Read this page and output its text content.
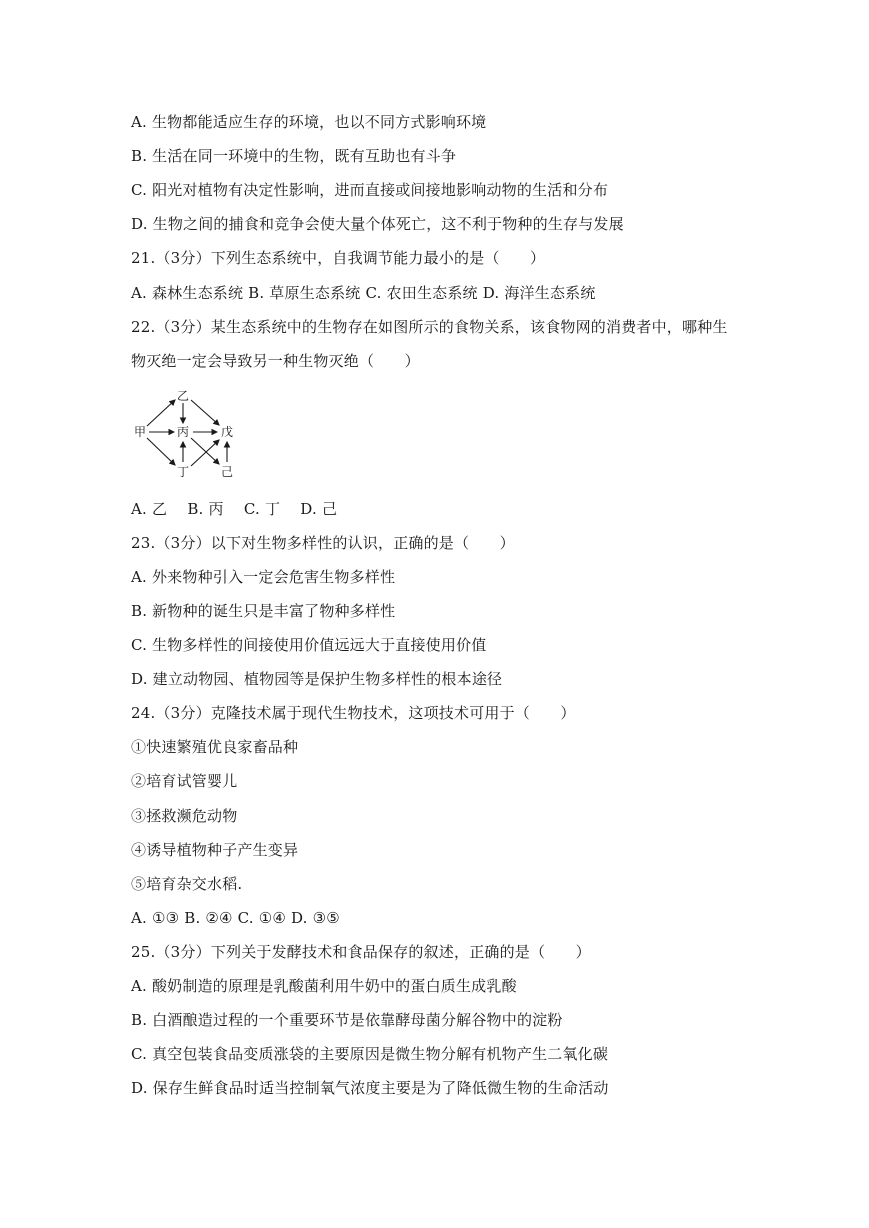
A. 生物都能适应生存的环境，也以不同方式影响环境
B. 生活在同一环境中的生物，既有互助也有斗争
C. 阳光对植物有决定性影响，进而直接或间接地影响动物的生活和分布
D. 生物之间的捕食和竞争会使大量个体死亡，这不利于物种的生存与发展
21.（3分）下列生态系统中，自我调节能力最小的是（　　）
A. 森林生态系统 B. 草原生态系统 C. 农田生态系统 D. 海洋生态系统
22.（3分）某生态系统中的生物存在如图所示的食物关系，该食物网的消费者中，哪种生
物灭绝一定会导致另一种生物灭绝（　　）
甲
乙
丙
丁
戊
己
A. 乙　 B. 丙　 C. 丁　 D. 己
23.（3分）以下对生物多样性的认识，正确的是（　　）
A. 外来物种引入一定会危害生物多样性
B. 新物种的诞生只是丰富了物种多样性
C. 生物多样性的间接使用价值远远大于直接使用价值
D. 建立动物园、植物园等是保护生物多样性的根本途径
24.（3分）克隆技术属于现代生物技术，这项技术可用于（　　）
①快速繁殖优良家畜品种
②培育试管婴儿
③拯救濒危动物
④诱导植物种子产生变异
⑤培育杂交水稻.
A. ①③ B. ②④ C. ①④ D. ③⑤
25.（3分）下列关于发酵技术和食品保存的叙述，正确的是（　　）
A. 酸奶制造的原理是乳酸菌利用牛奶中的蛋白质生成乳酸
B. 白酒酿造过程的一个重要环节是依靠酵母菌分解谷物中的淀粉
C. 真空包装食品变质涨袋的主要原因是微生物分解有机物产生二氧化碳
D. 保存生鲜食品时适当控制氧气浓度主要是为了降低微生物的生命活动
